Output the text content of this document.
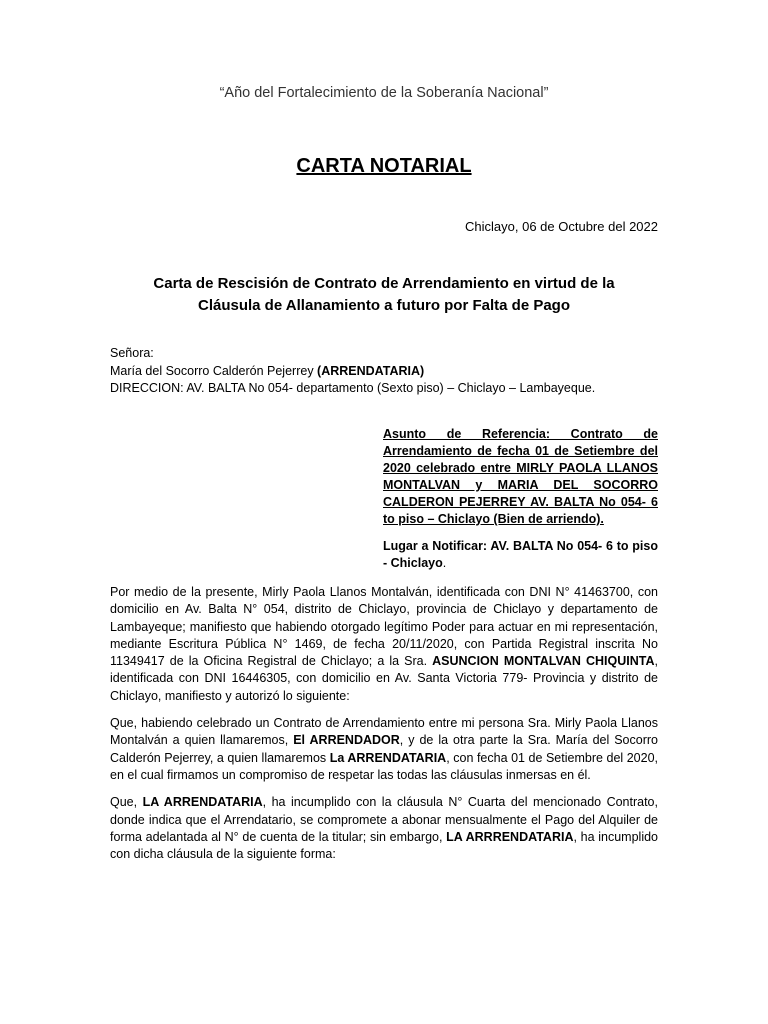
“Año del Fortalecimiento de la Soberanía Nacional”
CARTA NOTARIAL
Chiclayo, 06 de Octubre del 2022
Carta de Rescisión de Contrato de Arrendamiento en virtud de la
Cláusula de Allanamiento a futuro por Falta de Pago
Señora:
María del Socorro Calderón Pejerrey (ARRENDATARIA)
DIRECCION: AV. BALTA No 054- departamento (Sexto piso) – Chiclayo – Lambayeque.
Asunto de Referencia: Contrato de Arrendamiento de fecha 01 de Setiembre del 2020 celebrado entre MIRLY PAOLA LLANOS MONTALVAN y MARIA DEL SOCORRO CALDERON PEJERREY AV. BALTA No 054- 6 to piso – Chiclayo (Bien de arriendo).
Lugar a Notificar: AV. BALTA No 054- 6 to piso - Chiclayo.

Por medio de la presente, Mirly Paola Llanos Montalván, identificada con DNI N° 41463700, con domicilio en Av. Balta N° 054, distrito de Chiclayo, provincia de Chiclayo y departamento de Lambayeque; manifiesto que habiendo otorgado legítimo Poder para actuar en mi representación, mediante Escritura Pública N° 1469, de fecha 20/11/2020, con Partida Registral inscrita No 11349417 de la Oficina Registral de Chiclayo; a la Sra. ASUNCION MONTALVAN CHIQUINTA, identificada con DNI 16446305, con domicilio en Av. Santa Victoria 779- Provincia y distrito de Chiclayo, manifiesto y autorizó lo siguiente:

Que, habiendo celebrado un Contrato de Arrendamiento entre mi persona Sra. Mirly Paola Llanos Montalván a quien llamaremos, El ARRENDADOR, y de la otra parte la Sra. María del Socorro Calderón Pejerrey, a quien llamaremos La ARRENDATARIA, con fecha 01 de Setiembre del 2020, en el cual firmamos un compromiso de respetar las todas las cláusulas inmersas en él.

Que, LA ARRENDATARIA, ha incumplido con la cláusula N° Cuarta del mencionado Contrato, donde indica que el Arrendatario, se compromete a abonar mensualmente el Pago del Alquiler de forma adelantada al N° de cuenta de la titular; sin embargo, LA ARRRENDATARIA, ha incumplido con dicha cláusula de la siguiente forma:
